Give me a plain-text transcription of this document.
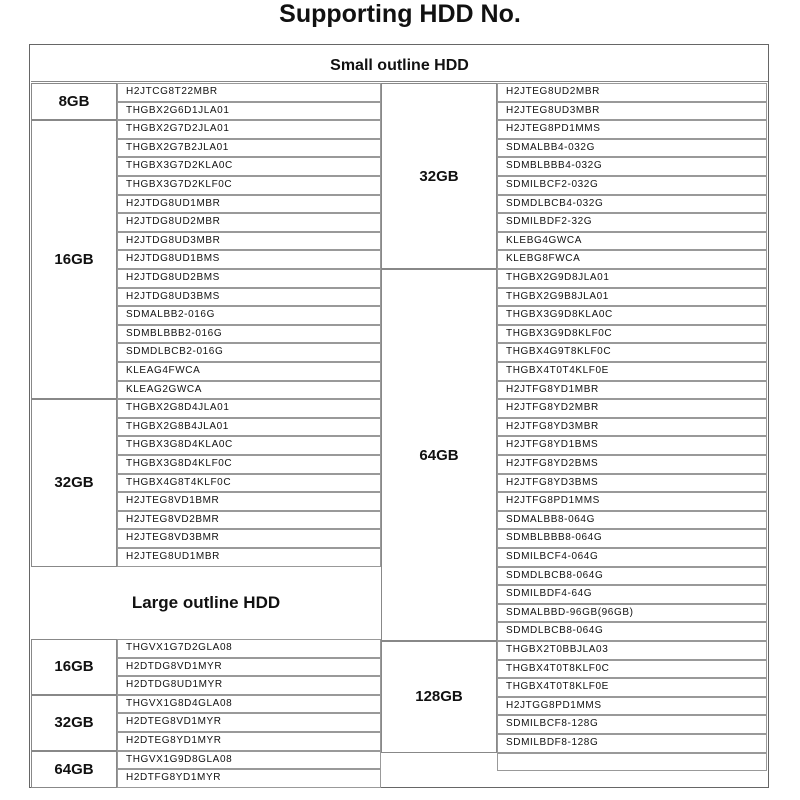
Supporting HDD No.
Small outline HDD
Large outline HDD
8GB
H2JTCG8T22MBR
THGBX2G6D1JLA01
16GB
THGBX2G7D2JLA01
THGBX2G7B2JLA01
THGBX3G7D2KLA0C
THGBX3G7D2KLF0C
H2JTDG8UD1MBR
H2JTDG8UD2MBR
H2JTDG8UD3MBR
H2JTDG8UD1BMS
H2JTDG8UD2BMS
H2JTDG8UD3BMS
SDMALBB2-016G
SDMBLBBB2-016G
SDMDLBCB2-016G
KLEAG4FWCA
KLEAG2GWCA
32GB
THGBX2G8D4JLA01
THGBX2G8B4JLA01
THGBX3G8D4KLA0C
THGBX3G8D4KLF0C
THGBX4G8T4KLF0C
H2JTEG8VD1BMR
H2JTEG8VD2BMR
H2JTEG8VD3BMR
H2JTEG8UD1MBR
16GB
THGVX1G7D2GLA08
H2DTDG8VD1MYR
H2DTDG8UD1MYR
32GB
THGVX1G8D4GLA08
H2DTEG8VD1MYR
H2DTEG8YD1MYR
64GB
THGVX1G9D8GLA08
H2DTFG8YD1MYR
32GB
H2JTEG8UD2MBR
H2JTEG8UD3MBR
H2JTEG8PD1MMS
SDMALBB4-032G
SDMBLBBB4-032G
SDMILBCF2-032G
SDMDLBCB4-032G
SDMILBDF2-32G
KLEBG4GWCA
KLEBG8FWCA
64GB
THGBX2G9D8JLA01
THGBX2G9B8JLA01
THGBX3G9D8KLA0C
THGBX3G9D8KLF0C
THGBX4G9T8KLF0C
THGBX4T0T4KLF0E
H2JTFG8YD1MBR
H2JTFG8YD2MBR
H2JTFG8YD3MBR
H2JTFG8YD1BMS
H2JTFG8YD2BMS
H2JTFG8YD3BMS
H2JTFG8PD1MMS
SDMALBB8-064G
SDMBLBBB8-064G
SDMILBCF4-064G
SDMDLBCB8-064G
SDMILBDF4-64G
SDMALBBD-96GB(96GB)
SDMDLBCB8-064G
128GB
THGBX2T0BBJLA03
THGBX4T0T8KLF0C
THGBX4T0T8KLF0E
H2JTGG8PD1MMS
SDMILBCF8-128G
SDMILBDF8-128G
